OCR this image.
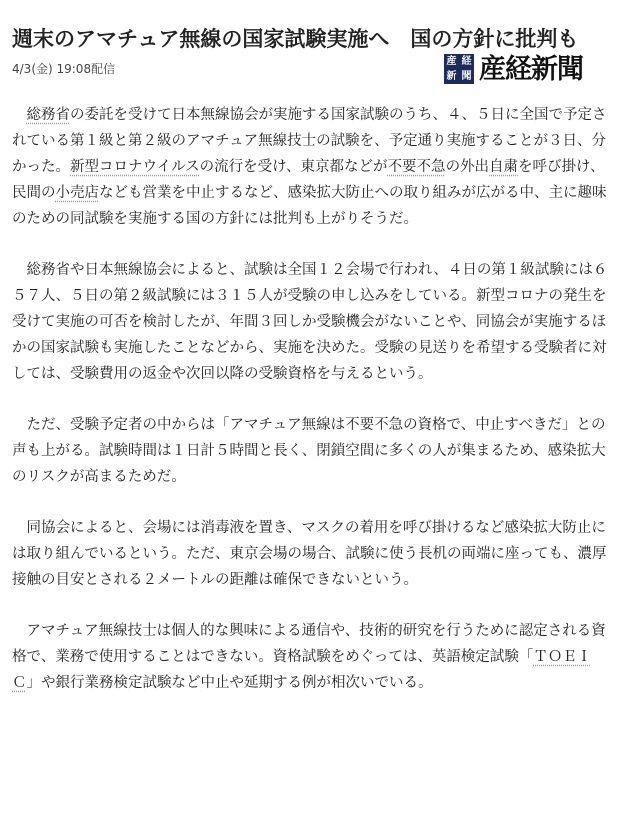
週末のアマチュア無線の国家試験実施へ　国の方針に批判も
4/3(金) 19:08配信
産 経
新 聞 産経新聞

総務省の委託を受けて日本無線協会が実施する国家試験のうち、４、５日に全国で予定されている第１級と第２級のアマチュア無線技士の試験を、予定通り実施することが３日、分かった。新型コロナウイルスの流行を受け、東京都などが不要不急の外出自粛を呼び掛け、民間の小売店なども営業を中止するなど、感染拡大防止への取り組みが広がる中、主に趣味のための同試験を実施する国の方針には批判も上がりそうだ。

総務省や日本無線協会によると、試験は全国１２会場で行われ、４日の第１級試験には６５７人、５日の第２級試験には３１５人が受験の申し込みをしている。新型コロナの発生を受けて実施の可否を検討したが、年間３回しか受験機会がないことや、同協会が実施するほかの国家試験も実施したことなどから、実施を決めた。受験の見送りを希望する受験者に対しては、受験費用の返金や次回以降の受験資格を与えるという。

ただ、受験予定者の中からは「アマチュア無線は不要不急の資格で、中止すべきだ」との声も上がる。試験時間は１日計５時間と長く、閉鎖空間に多くの人が集まるため、感染拡大のリスクが高まるためだ。

同協会によると、会場には消毒液を置き、マスクの着用を呼び掛けるなど感染拡大防止には取り組んでいるという。ただ、東京会場の場合、試験に使う長机の両端に座っても、濃厚接触の目安とされる２メートルの距離は確保できないという。

アマチュア無線技士は個人的な興味による通信や、技術的研究を行うために認定される資格で、業務で使用することはできない。資格試験をめぐっては、英語検定試験「ＴＯＥＩＣ」や銀行業務検定試験など中止や延期する例が相次いでいる。
